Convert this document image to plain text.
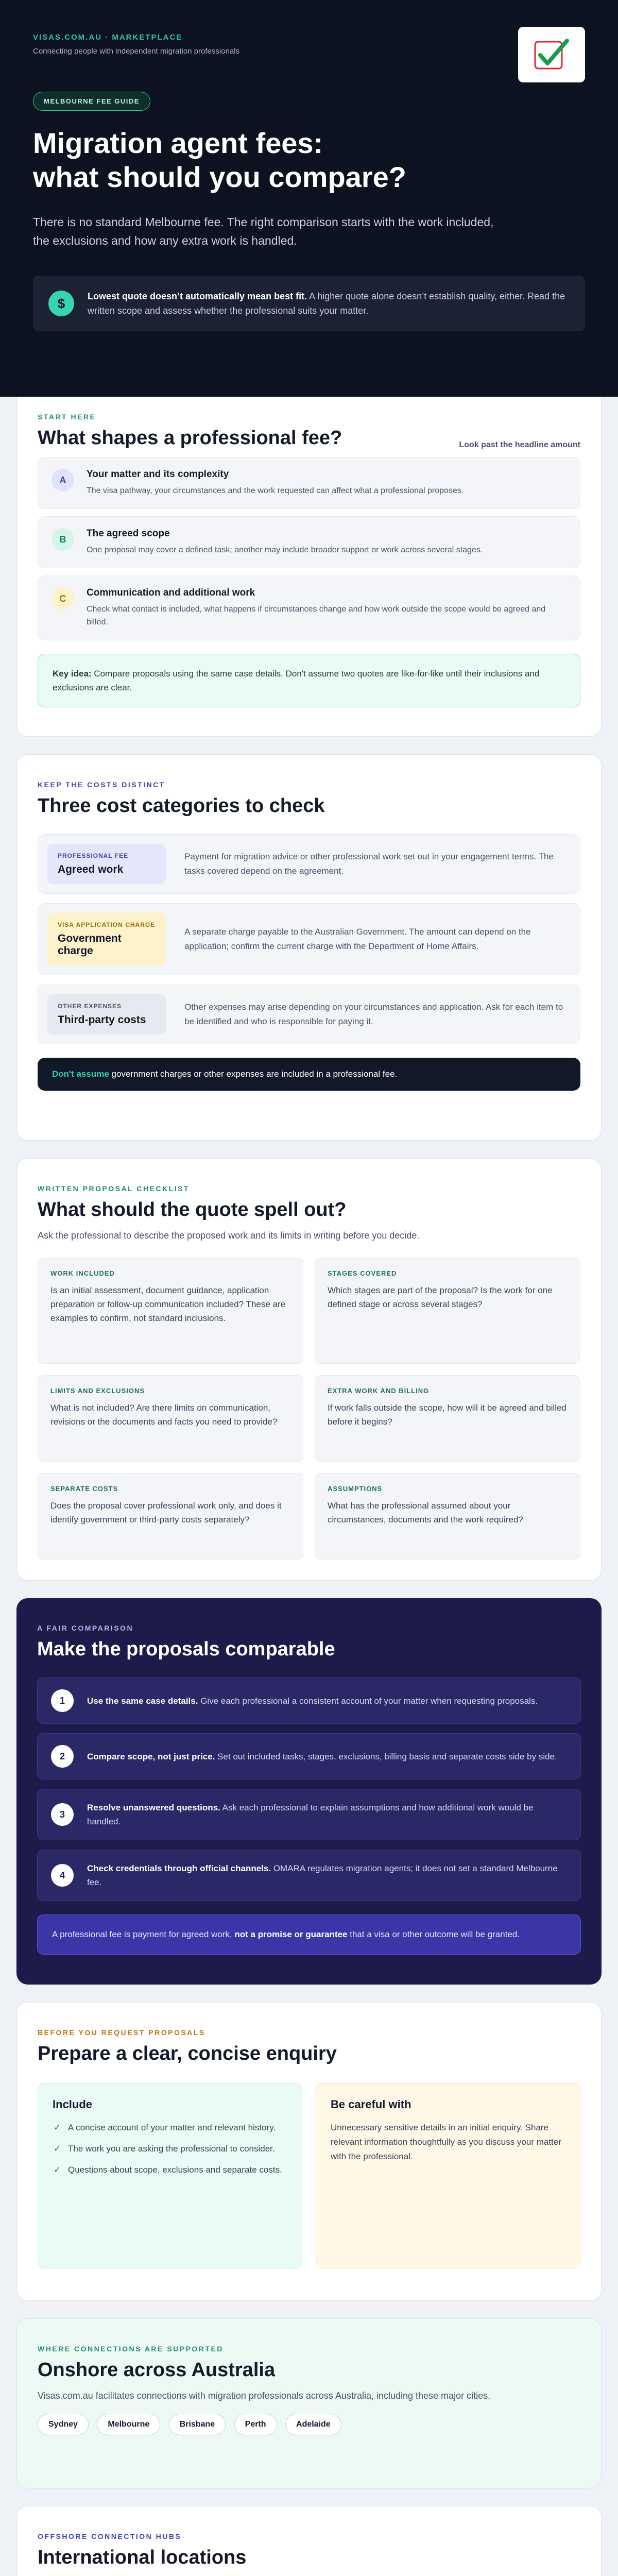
VISAS.COM.AU · MARKETPLACE
Connecting people with independent migration professionals
MELBOURNE FEE GUIDE
Migration agent fees:
what should you compare?

There is no standard Melbourne fee. The right comparison starts with the work included, the exclusions and how any extra work is handled.

$	Lowest quote doesn’t automatically mean best fit. A higher quote alone doesn’t establish quality, either. Read the written scope and assess whether the professional suits your matter.

START HERE
What shapes a professional fee?	Look past the headline amount
A
Your matter and its complexity
The visa pathway, your circumstances and the work requested can affect what a professional proposes.
B
The agreed scope
One proposal may cover a defined task; another may include broader support or work across several stages.
C
Communication and additional work
Check what contact is included, what happens if circumstances change and how work outside the scope would be agreed and billed.
Key idea: Compare proposals using the same case details. Don't assume two quotes are like-for-like until their inclusions and exclusions are clear.
KEEP THE COSTS DISTINCT
Three cost categories to check
PROFESSIONAL FEE
Agreed work
Payment for migration advice or other professional work set out in your engagement terms. The tasks covered depend on the agreement.
VISA APPLICATION CHARGE
Government charge
A separate charge payable to the Australian Government. The amount can depend on the application; confirm the current charge with the Department of Home Affairs.
OTHER EXPENSES
Third-party costs
Other expenses may arise depending on your circumstances and application. Ask for each item to be identified and who is responsible for paying it.
Don't assume government charges or other expenses are included in a professional fee.
WRITTEN PROPOSAL CHECKLIST
What should the quote spell out?

Ask the professional to describe the proposed work and its limits in writing before you decide.

WORK INCLUDED
Is an initial assessment, document guidance, application preparation or follow-up communication included? These are examples to confirm, not standard inclusions.
STAGES COVERED
Which stages are part of the proposal? Is the work for one defined stage or across several stages?
LIMITS AND EXCLUSIONS
What is not included? Are there limits on communication, revisions or the documents and facts you need to provide?
EXTRA WORK AND BILLING
If work falls outside the scope, how will it be agreed and billed before it begins?
SEPARATE COSTS
Does the proposal cover professional work only, and does it identify government or third-party costs separately?
ASSUMPTIONS
What has the professional assumed about your circumstances, documents and the work required?
A FAIR COMPARISON
Make the proposals comparable
1	Use the same case details. Give each professional a consistent account of your matter when requesting proposals.

2	Compare scope, not just price. Set out included tasks, stages, exclusions, billing basis and separate costs side by side.

3

Resolve unanswered questions. Ask each professional to explain assumptions and how additional work would be handled.

4

Check credentials through official channels. OMARA regulates migration agents; it does not set a standard Melbourne fee.

A professional fee is payment for agreed work, not a promise or guarantee that a visa or other outcome will be granted.
BEFORE YOU REQUEST PROPOSALS
Prepare a clear, concise enquiry
Include
✓ A concise account of your matter and relevant history.
✓ The work you are asking the professional to consider.
✓ Questions about scope, exclusions and separate costs.
Be careful with

Unnecessary sensitive details in an initial enquiry. Share relevant information thoughtfully as you discuss your matter with the professional.

WHERE CONNECTIONS ARE SUPPORTED
Onshore across Australia

Visas.com.au facilitates connections with migration professionals across Australia, including these major cities.

Sydney	Melbourne	Brisbane	Perth	Adelaide
OFFSHORE CONNECTION HUBS
International locations
